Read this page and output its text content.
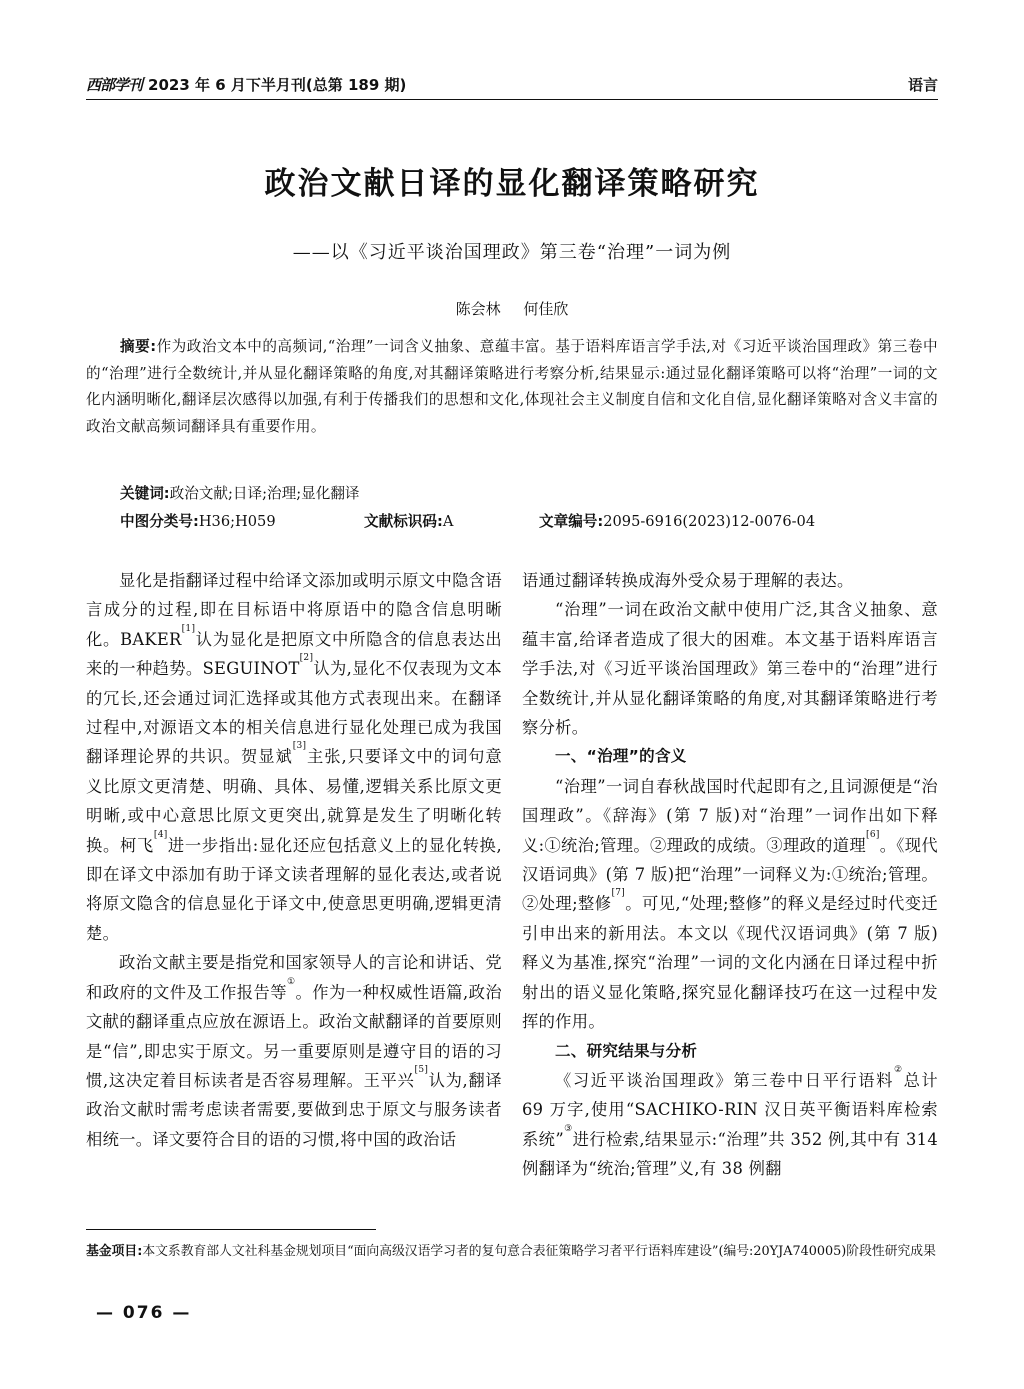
西部学刊 2023 年 6 月下半月刊(总第 189 期)	语言
政治文献日译的显化翻译策略研究
——以《习近平谈治国理政》第三卷“治理”一词为例
陈会林 何佳欣
摘要:作为政治文本中的高频词,“治理”一词含义抽象、意蕴丰富。基于语料库语言学手法,对《习近平谈治国理政》第三卷中的“治理”进行全数统计,并从显化翻译策略的角度,对其翻译策略进行考察分析,结果显示:通过显化翻译策略可以将“治理”一词的文化内涵明晰化,翻译层次感得以加强,有利于传播我们的思想和文化,体现社会主义制度自信和文化自信,显化翻译策略对含义丰富的政治文献高频词翻译具有重要作用。
关键词:政治文献;日译;治理;显化翻译
中图分类号:H36;H059	文献标识码:A	文章编号:2095-6916(2023)12-0076-04

显化是指翻译过程中给译文添加或明示原文中隐含语言成分的过程,即在目标语中将原语中的隐含信息明晰化。BAKER[1]认为显化是把原文中所隐含的信息表达出来的一种趋势。SEGUINOT[2]认为,显化不仅表现为文本的冗长,还会通过词汇选择或其他方式表现出来。在翻译过程中,对源语文本的相关信息进行显化处理已成为我国翻译理论界的共识。贺显斌[3]主张,只要译文中的词句意义比原文更清楚、明确、具体、易懂,逻辑关系比原文更明晰,或中心意思比原文更突出,就算是发生了明晰化转换。柯飞[4]进一步指出:显化还应包括意义上的显化转换,即在译文中添加有助于译文读者理解的显化表达,或者说将原文隐含的信息显化于译文中,使意思更明确,逻辑更清楚。

政治文献主要是指党和国家领导人的言论和讲话、党和政府的文件及工作报告等①。作为一种权威性语篇,政治文献的翻译重点应放在源语上。政治文献翻译的首要原则是“信”,即忠实于原文。另一重要原则是遵守目的语的习惯,这决定着目标读者是否容易理解。王平兴[5]认为,翻译政治文献时需考虑读者需要,要做到忠于原文与服务读者相统一。译文要符合目的语的习惯,将中国的政治话

语通过翻译转换成海外受众易于理解的表达。

“治理”一词在政治文献中使用广泛,其含义抽象、意蕴丰富,给译者造成了很大的困难。本文基于语料库语言学手法,对《习近平谈治国理政》第三卷中的“治理”进行全数统计,并从显化翻译策略的角度,对其翻译策略进行考察分析。

一、“治理”的含义

“治理”一词自春秋战国时代起即有之,且词源便是“治国理政”。《辞海》(第 7 版)对“治理”一词作出如下释义:①统治;管理。②理政的成绩。③理政的道理[6]。《现代汉语词典》(第 7 版)把“治理”一词释义为:①统治;管理。②处理;整修[7]。可见,“处理;整修”的释义是经过时代变迁引申出来的新用法。本文以《现代汉语词典》(第 7 版)释义为基准,探究“治理”一词的文化内涵在日译过程中折射出的语义显化策略,探究显化翻译技巧在这一过程中发挥的作用。

二、研究结果与分析

《习近平谈治国理政》第三卷中日平行语料②总计 69 万字,使用“SACHIKO-RIN 汉日英平衡语料库检索系统”③进行检索,结果显示:“治理”共 352 例,其中有 314 例翻译为“统治;管理”义,有 38 例翻

基金项目:本文系教育部人文社科基金规划项目“面向高级汉语学习者的复句意合表征策略学习者平行语料库建设”(编号:20YJA740005)阶段性研究成果
— 076 —
